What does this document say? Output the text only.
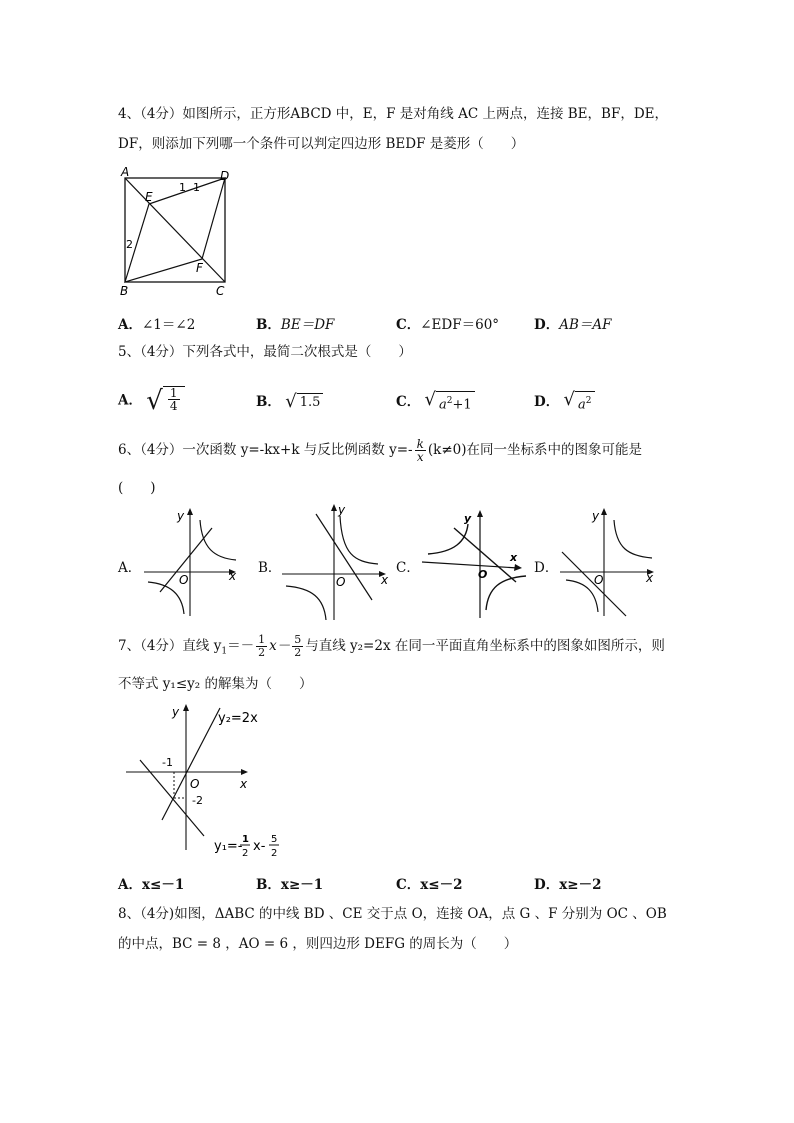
4、（4分）如图所示，正方形ABCD 中，E，F 是对角线 AC 上两点，连接 BE，BF，DE，
DF，则添加下列哪一个条件可以判定四边形 BEDF 是菱形（　　）
A	D
E
1 1
2
F
B	C
A．∠1＝∠2	B．BE＝DF	C．∠EDF＝60°	D．AB＝AF
5、（4分）下列各式中，最简二次根式是（　　）
A． √ $\frac{1}{4}$	B． √ 1.5	C． √ $a^2+1$	D． √ $a^2$
6、（4分）一次函数 y=-kx+k 与反比例函数 $y=- \frac{k}{x} (k\ne 0)$在同一坐标系中的图象可能是
(　　)
A．	B．	C．	D．
y
x
O
y
x
O
y
x
O
y
x
O
7、（4分）直线 $y_1=- \frac{1}{2} x- \frac{5}{2}$ 与直线 y₂=2x 在同一平面直角坐标系中的图象如图所示，则
不等式 y₁≤y₂ 的解集为（　　）
y
x
O
-1
-2
y₂=2x
y₁=- 1
2 x- 5
2
A．x≤－1	B．x≥－1	C．x≤－2	D．x≥－2
8、（4分)如图，ΔABC 的中线 BD 、CE 交于点 O，连接 OA，点 G 、F 分别为 OC 、OB
的中点，BC = 8 ，AO = 6 ，则四边形 DEFG 的周长为（　　）
